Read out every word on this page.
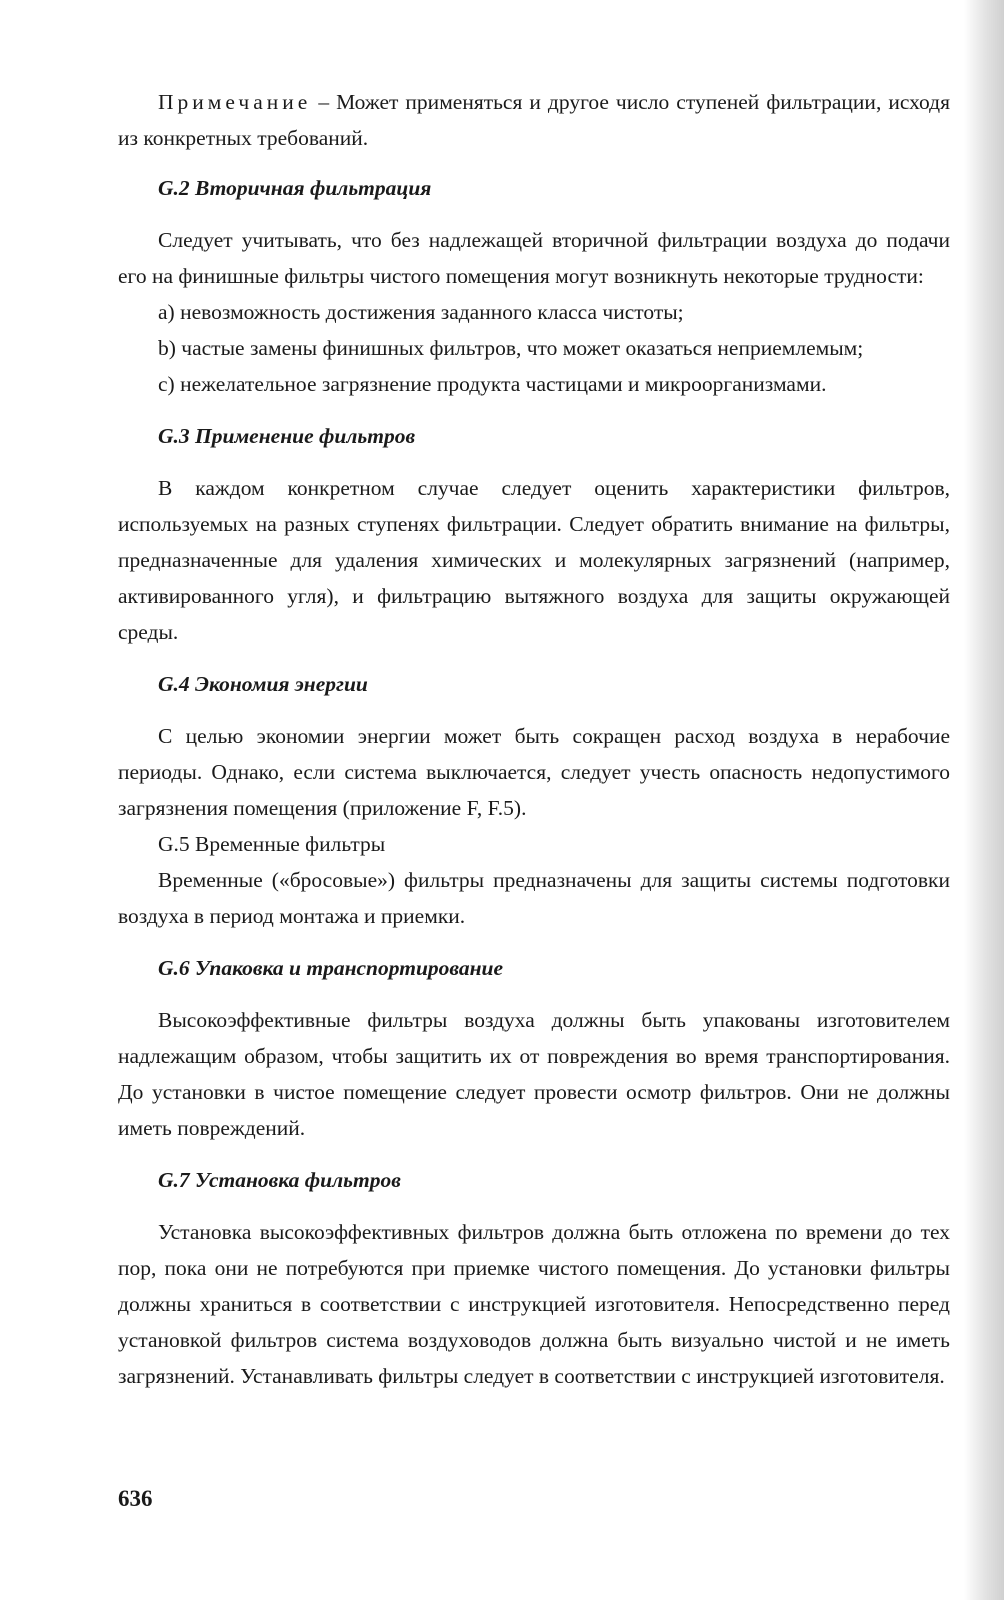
Примечание – Может применяться и другое число ступеней фильтрации, исходя из конкретных требований.

G.2 Вторичная фильтрация

Следует учитывать, что без надлежащей вторичной фильтрации воздуха до подачи его на финишные фильтры чистого помещения могут возникнуть некоторые трудности:

a) невозможность достижения заданного класса чистоты;

b) частые замены финишных фильтров, что может оказаться неприемлемым;

c) нежелательное загрязнение продукта частицами и микроорганизмами.

G.3 Применение фильтров

В каждом конкретном случае следует оценить характеристики фильтров, используемых на разных ступенях фильтрации. Следует обратить внимание на фильтры, предназначенные для удаления химических и молекулярных загрязнений (например, активированного угля), и фильтрацию вытяжного воздуха для защиты окружающей среды.

G.4 Экономия энергии

С целью экономии энергии может быть сокращен расход воздуха в нерабочие периоды. Однако, если система выключается, следует учесть опасность недопустимого загрязнения помещения (приложение F, F.5).

G.5 Временные фильтры

Временные («бросовые») фильтры предназначены для защиты системы подготовки воздуха в период монтажа и приемки.

G.6 Упаковка и транспортирование

Высокоэффективные фильтры воздуха должны быть упакованы изготовителем надлежащим образом, чтобы защитить их от повреждения во время транспортирования. До установки в чистое помещение следует провести осмотр фильтров. Они не должны иметь повреждений.

G.7 Установка фильтров

Установка высокоэффективных фильтров должна быть отложена по времени до тех пор, пока они не потребуются при приемке чистого помещения. До установки фильтры должны храниться в соответствии с инструкцией изготовителя. Непосредственно перед установкой фильтров система воздуховодов должна быть визуально чистой и не иметь загрязнений. Устанавливать фильтры следует в соответствии с инструкцией изготовителя.

636
